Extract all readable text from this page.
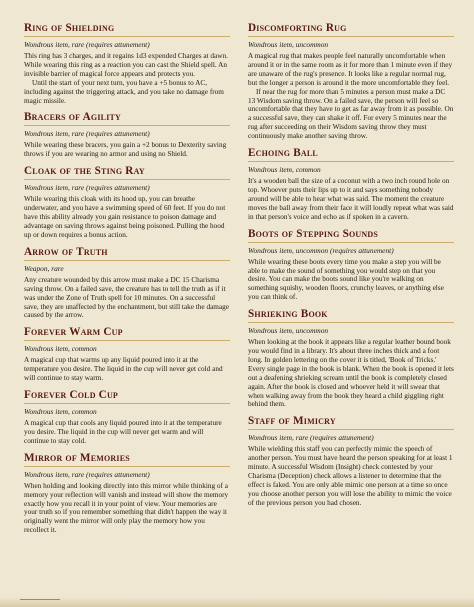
Ring of Shielding
Wondrous item, rare (requires attunement)

This ring has 3 charges, and it regains 1d3 expended Charges at dawn. While wearing this ring as a reaction you can cast the Shield spell. An invisible barrier of magical force appears and protects you.

Until the start of your next turn, you have a +5 bonus to AC, including against the triggering attack, and you take no damage from magic missile.

Bracers of Agility
Wondrous item, rare (requires attunement)

While wearing these bracers, you gain a +2 bonus to Dexterity saving throws if you are wearing no armor and using no Shield.

Cloak of the Sting Ray
Wondrous item, rare (requires attunement)

While wearing this cloak with its hood up, you can breathe underwater, and you have a swimming speed of 60 feet. If you do not have this ability already you gain resistance to poison damage and advantage on saving throws against being poisoned. Pulling the hood up or down requires a bonus action.

Arrow of Truth
Weapon, rare

Any creature wounded by this arrow must make a DC 15 Charisma saving throw. On a failed save, the creature has to tell the truth as if it was under the Zone of Truth spell for 10 minutes. On a successful save, they are unaffected by the enchantment, but still take the damage caused by the arrow.

Forever Warm Cup
Wondrous item, common

A magical cup that warms up any liquid poured into it at the temperature you desire. The liquid in the cup will never get cold and will continue to stay warm.

Forever Cold Cup
Wondrous item, common

A magical cup that cools any liquid poured into it at the temperature you desire. The liquid in the cup will never get warm and will continue to stay cold.

Mirror of Memories
Wondrous item, rare (requires attunement)

When holding and looking directly into this mirror while thinking of a memory your reflection will vanish and instead will show the memory exactly how you recall it in your point of view. Your memories are your truth so if you remember something that didn't happen the way it originally went the mirror will only play the memory how you recollect it.

Discomforting Rug
Wondrous item, uncommon

A magical rug that makes people feel naturally uncomfortable when around it or in the same room as it for more than 1 minute even if they are unaware of the rug's presence. It looks like a regular normal rug, but the longer a person is around it the more uncomfortable they feel.

If near the rug for more than 5 minutes a person must make a DC 13 Wisdom saving throw. On a failed save, the person will feel so uncomfortable that they have to get as far away from it as possible. On a successful save, they can shake it off. For every 5 minutes near the rug after succeeding on their Wisdom saving throw they must continuously make another saving throw.

Echoing Ball
Wondrous item, common

It's a wooden ball the size of a coconut with a two inch round hole on top. Whoever puts their lips up to it and says something nobody around will be able to hear what was said. The moment the creature moves the ball away from their face it will loudly repeat what was said in that person's voice and echo as if spoken in a cavern.

Boots of Stepping Sounds
Wondrous item, uncommon (requires attunement)

While wearing these boots every time you make a step you will be able to make the sound of something you would step on that you desire. You can make the boots sound like you're walking on something squishy, wooden floors, crunchy leaves, or anything else you can think of.

Shrieking Book
Wondrous item, uncommon

When looking at the book it appears like a regular leather bound book you would find in a library. It's about three inches thick and a foot long. In golden lettering on the cover it is titled, 'Book of Tricks.' Every single page in the book is blank. When the book is opened it lets out a deafening shrieking scream until the book is completely closed again. After the book is closed and whoever held it will swear that when walking away from the book they heard a child giggling right behind them.

Staff of Mimicry
Wondrous item, rare (requires attunement)

While wielding this staff you can perfectly mimic the speech of another person. You must have heard the person speaking for at least 1 minute. A successful Wisdom (Insight) check contested by your Charisma (Deception) check allows a listener to determine that the effect is faked. You are only able mimic one person at a time so once you choose another person you will lose the ability to mimic the voice of the previous person you had chosen.
